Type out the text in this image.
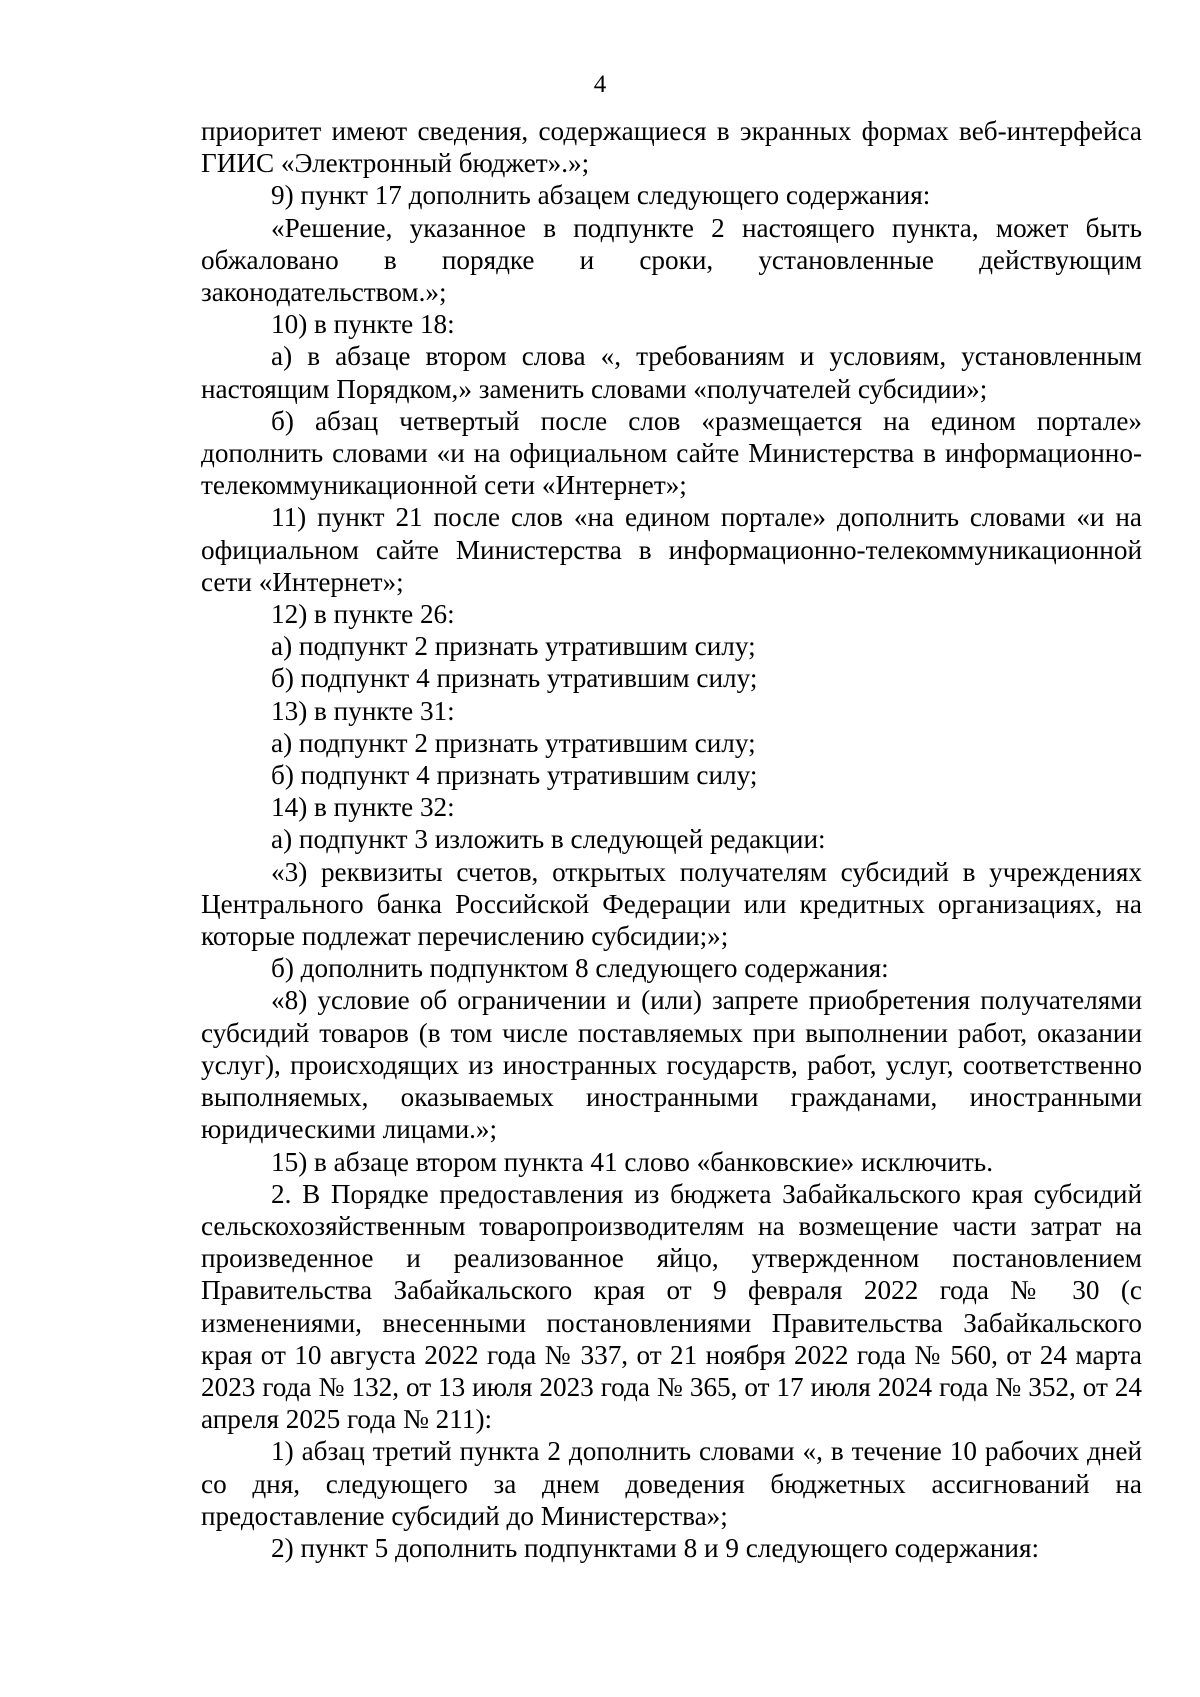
4

приоритет имеют сведения, содержащиеся в экранных формах веб-интерфейса ГИИС «Электронный бюджет».»;

9) пункт 17 дополнить абзацем следующего содержания:

«Решение, указанное в подпункте 2 настоящего пункта, может быть обжаловано в порядке и сроки, установленные действующим законодательством.»;

10) в пункте 18:

а) в абзаце втором слова «, требованиям и условиям, установленным настоящим Порядком,» заменить словами «получателей субсидии»;

б) абзац четвертый после слов «размещается на едином портале» дополнить словами «и на официальном сайте Министерства в информационно-телекоммуникационной сети «Интернет»;

11) пункт 21 после слов «на едином портале» дополнить словами «и на официальном сайте Министерства в информационно-телекоммуникационной сети «Интернет»;

12) в пункте 26:

а) подпункт 2 признать утратившим силу;

б) подпункт 4 признать утратившим силу;

13) в пункте 31:

а) подпункт 2 признать утратившим силу;

б) подпункт 4 признать утратившим силу;

14) в пункте 32:

а) подпункт 3 изложить в следующей редакции:

«3) реквизиты счетов, открытых получателям субсидий в учреждениях Центрального банка Российской Федерации или кредитных организациях, на которые подлежат перечислению субсидии;»;

б) дополнить подпунктом 8 следующего содержания:

«8) условие об ограничении и (или) запрете приобретения получателями субсидий товаров (в том числе поставляемых при выполнении работ, оказании услуг), происходящих из иностранных государств, работ, услуг, соответственно выполняемых, оказываемых иностранными гражданами, иностранными юридическими лицами.»;

15) в абзаце втором пункта 41 слово «банковские» исключить.

2. В Порядке предоставления из бюджета Забайкальского края субсидий сельскохозяйственным товаропроизводителям на возмещение части затрат на произведенное и реализованное яйцо, утвержденном постановлением Правительства Забайкальского края от 9 февраля 2022 года № 30 (с изменениями, внесенными постановлениями Правительства Забайкальского края от 10 августа 2022 года № 337, от 21 ноября 2022 года № 560, от 24 марта 2023 года № 132, от 13 июля 2023 года № 365, от 17 июля 2024 года № 352, от 24 апреля 2025 года № 211):

1) абзац третий пункта 2 дополнить словами «, в течение 10 рабочих дней со дня, следующего за днем доведения бюджетных ассигнований на предоставление субсидий до Министерства»;

2) пункт 5 дополнить подпунктами 8 и 9 следующего содержания:
